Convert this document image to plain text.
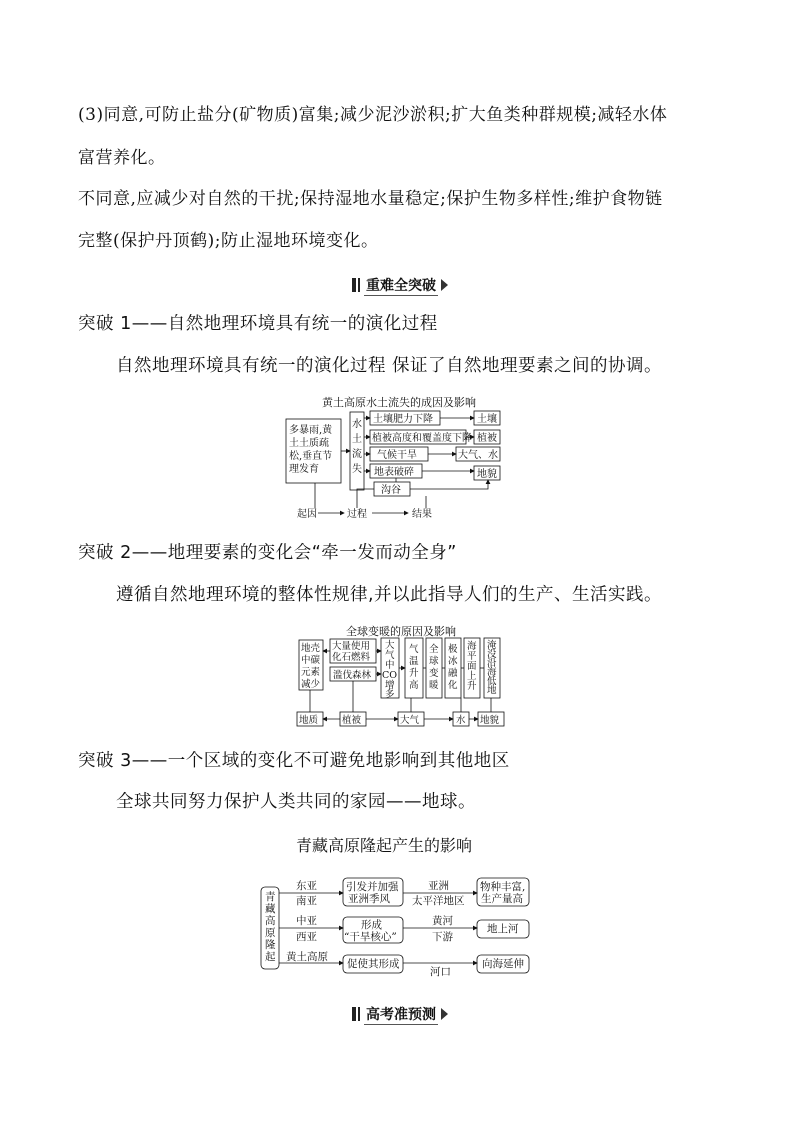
(3)同意,可防止盐分(矿物质)富集;减少泥沙淤积;扩大鱼类种群规模;减轻水体
富营养化。
不同意,应减少对自然的干扰;保持湿地水量稳定;保护生物多样性;维护食物链
完整(保护丹顶鹤);防止湿地环境变化。
重难全突破
突破 1——自然地理环境具有统一的演化过程
自然地理环境具有统一的演化过程 保证了自然地理要素之间的协调。
黄土高原水土流失的成因及影响
多暴雨,黄
土土质疏
松,垂直节
理发育
水
土
流
失
土壤肥力下降
植被高度和覆盖度下降
气候干旱
地表破碎
沟谷
土壤
植被
大气、水
地貌
起因	过程	结果
突破 2——地理要素的变化会“牵一发而动全身”
遵循自然地理环境的整体性规律,并以此指导人们的生产、生活实践。
全球变暖的原因及影响
地壳
中碳
元素
减少
大量使用
化石燃料
滥伐森林
大
气
中
CO
增
多
气
温
升
高
全
球
变
暖
极
冰
融
化
海
平
面
上
升
淹
没
沿
海
低
地
地质	植被	大气	水 地貌
突破 3——一个区域的变化不可避免地影响到其他地区
全球共同努力保护人类共同的家园——地球。
青藏高原隆起产生的影响
青
藏
高
原
隆
起
东亚
南亚
引发并加强
亚洲季风
亚洲
太平洋地区
物种丰富,
生产量高
中亚
西亚
形成
“干旱核心”
黄河
下游
地上河
黄土高原
促使其形成
河口
向海延伸
高考准预测
